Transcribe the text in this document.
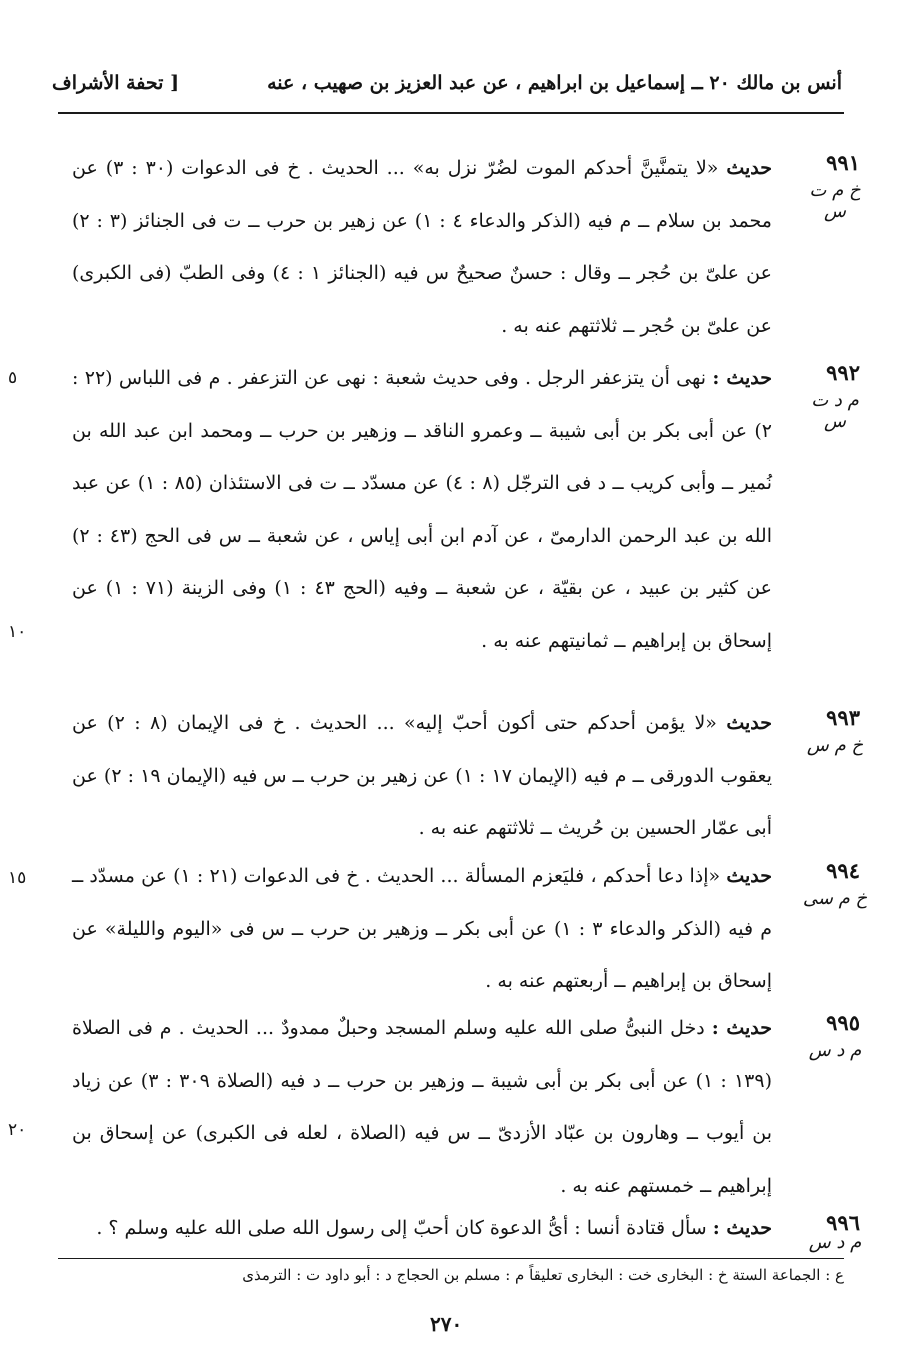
أنس بن مالك ٢٠ ــ إسماعيل بن ابراهيم ، عن عبد العزيز بن صهيب ، عنه
[ تحفة الأشراف
٩٩١
خ م ت س
حديث «لا يتمنَّينَّ أحدكم الموت لضُرّ نزل به» ... الحديث . خ فى الدعوات (٣٠ : ٣) عن محمد بن سلام ــ م فيه (الذكر والدعاء ٤ : ١) عن زهير بن حرب ــ ت فى الجنائز (٣ : ٢) عن علىّ بن حُجر ــ وقال : حسنٌ صحيحٌ س فيه (الجنائز ١ : ٤) وفى الطبّ (فى الكبرى) عن علىّ بن حُجر ــ ثلاثتهم عنه به .
٩٩٢
م د ت س
حديث : نهى أن يتزعفر الرجل . وفى حديث شعبة : نهى عن التزعفر . م فى اللباس (٢٢ : ٢) عن أبى بكر بن أبى شيبة ــ وعمرو الناقد ــ وزهير بن حرب ــ ومحمد ابن عبد الله بن نُمير ــ وأبى كريب ــ د فى الترجّل (٨ : ٤) عن مسدّد ــ ت فى الاستئذان (٨٥ : ١) عن عبد الله بن عبد الرحمن الدارمىّ ، عن آدم ابن أبى إياس ، عن شعبة ــ س فى الحج (٤٣ : ٢) عن كثير بن عبيد ، عن بقيّة ، عن شعبة ــ وفيه (الحج ٤٣ : ١) وفى الزينة (٧١ : ١) عن إسحاق بن إبراهيم ــ ثمانيتهم عنه به .
٩٩٣
خ م س
حديث «لا يؤمن أحدكم حتى أكون أحبّ إليه» ... الحديث . خ فى الإيمان (٨ : ٢) عن يعقوب الدورقى ــ م فيه (الإيمان ١٧ : ١) عن زهير بن حرب ــ س فيه (الإيمان ١٩ : ٢) عن أبى عمّار الحسين بن حُريث ــ ثلاثتهم عنه به .
٩٩٤
خ م سى
حديث «إذا دعا أحدكم ، فليَعزم المسألة ... الحديث . خ فى الدعوات (٢١ : ١) عن مسدّد ــ م فيه (الذكر والدعاء ٣ : ١) عن أبى بكر ــ وزهير بن حرب ــ س فى «اليوم والليلة» عن إسحاق بن إبراهيم ــ أربعتهم عنه به .
٩٩٥
م د س
حديث : دخل النبىُّ صلى الله عليه وسلم المسجد وحبلٌ ممدودٌ ... الحديث . م فى الصلاة (١٣٩ : ١) عن أبى بكر بن أبى شيبة ــ وزهير بن حرب ــ د فيه (الصلاة ٣٠٩ : ٣) عن زياد بن أيوب ــ وهارون بن عبّاد الأزدىّ ــ س فيه (الصلاة ، لعله فى الكبرى) عن إسحاق بن إبراهيم ــ خمستهم عنه به .
٩٩٦
م د س
حديث : سأل قتادة أنسا : أىُّ الدعوة كان أحبّ إلى رسول الله صلى الله عليه وسلم ؟ .
٥
١٠
١٥
٢٠
ع : الجماعة الستة خ : البخارى خت : البخارى تعليقاً م : مسلم بن الحجاج د : أبو داود ت : الترمذى
٢٧٠
